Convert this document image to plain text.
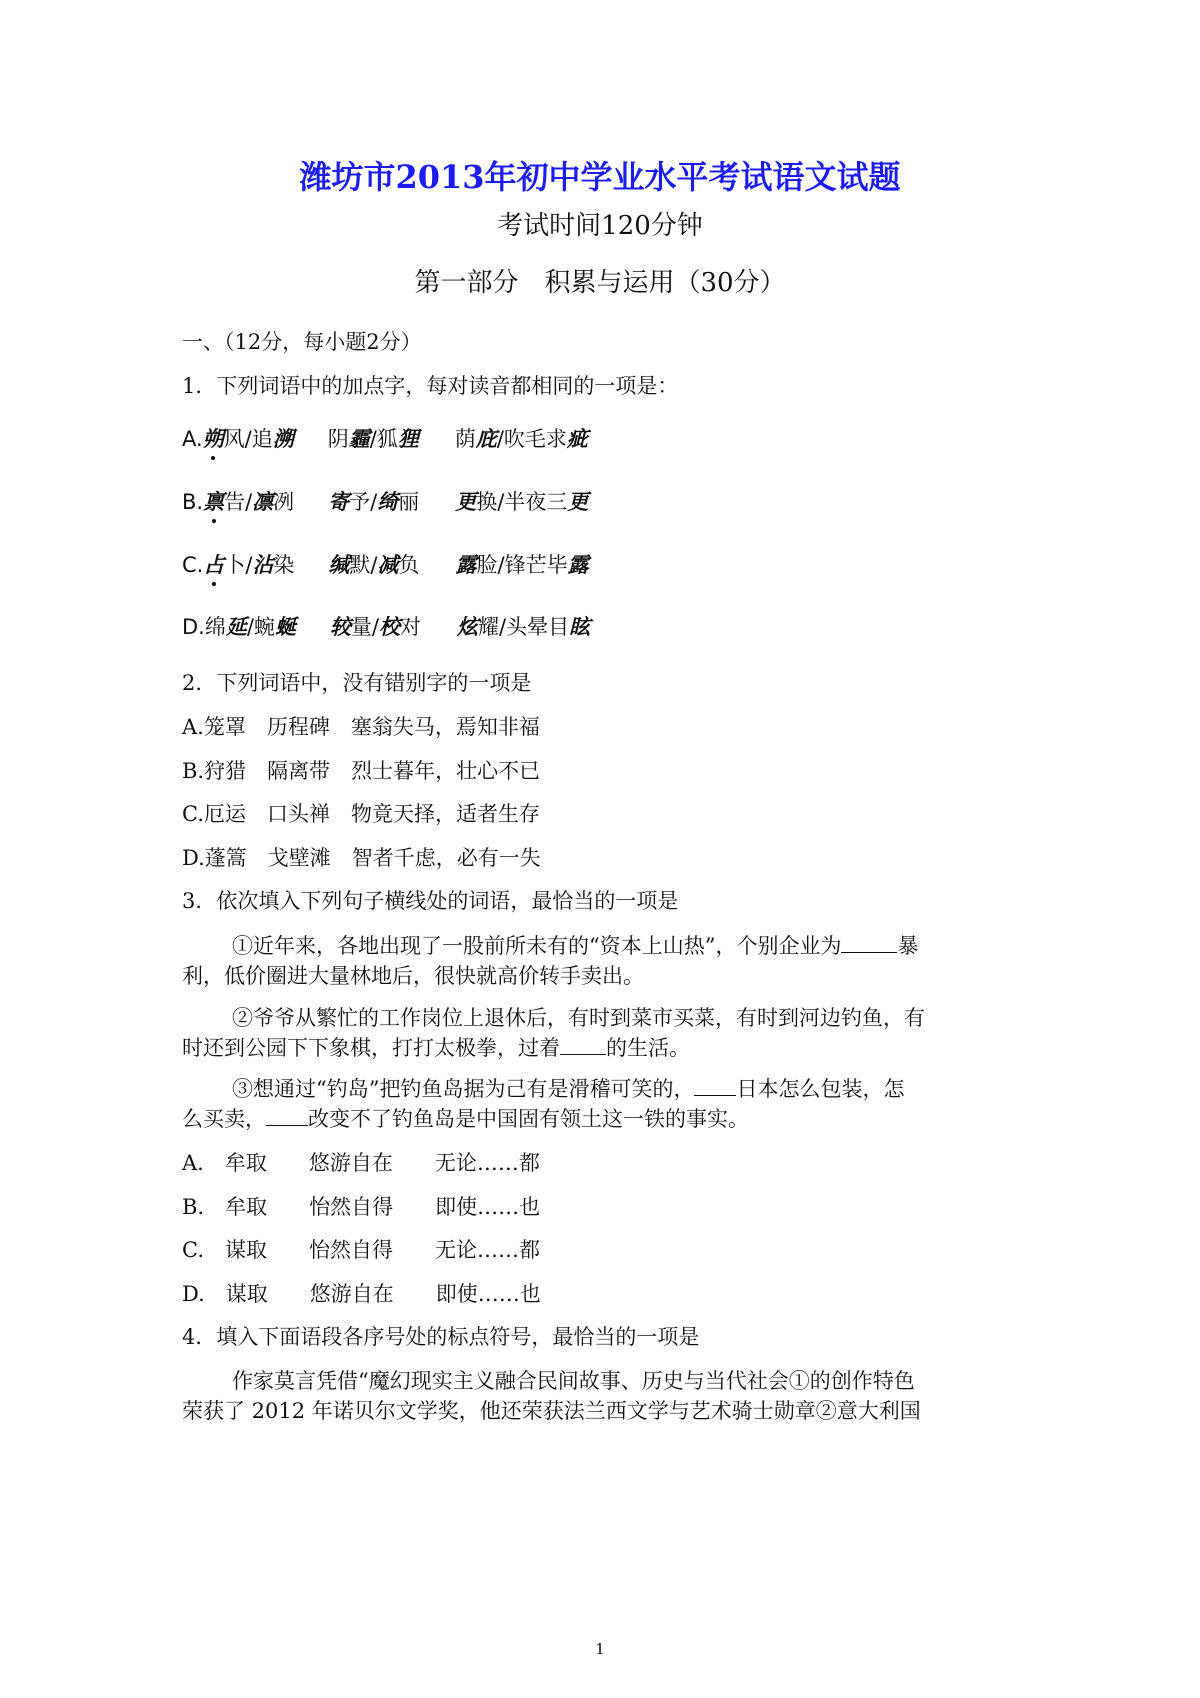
潍坊市2013年初中学业水平考试语文试题
考试时间120分钟
第一部分　积累与运用（30分）
一、（12分，每小题2分）
1．下列词语中的加点字，每对读音都相同的一项是：
A.朔风/追溯 阴霾/狐狸 荫庇/吹毛求疵
B.禀告/凛冽 寄予/绮丽 更换/半夜三更
C.占卜/沾染 缄默/减负 露脸/锋芒毕露
D.绵延/蜿蜒 较量/校对 炫耀/头晕目眩
2．下列词语中，没有错别字的一项是
A.笼罩　历程碑　塞翁失马，焉知非福
B.狩猎　隔离带　烈士暮年，壮心不已
C.厄运　口头禅　物竟天择，适者生存
D.蓬篙　戈壁滩　智者千虑，必有一失
3．依次填入下列句子横线处的词语，最恰当的一项是
①近年来，各地出现了一股前所未有的“资本上山热”，个别企业为	暴
利，低价圈进大量林地后，很快就高价转手卖出。
②爷爷从繁忙的工作岗位上退休后，有时到菜市买菜，有时到河边钓鱼，有
时还到公园下下象棋，打打太极拳，过着 的生活。
③想通过“钓岛”把钓鱼岛据为己有是滑稽可笑的， 日本怎么包装，怎
么买卖， 改变不了钓鱼岛是中国固有领土这一铁的事实。
A.　牟取　　悠游自在　　无论……都
B.　牟取　　怡然自得　　即使……也
C.　谋取　　怡然自得　　无论……都
D.　谋取　　悠游自在　　即使……也
4．填入下面语段各序号处的标点符号，最恰当的一项是
作家莫言凭借“魔幻现实主义融合民间故事、历史与当代社会①的创作特色
荣获了 2012 年诺贝尔文学奖，他还荣获法兰西文学与艺术骑士勋章②意大利国
1
